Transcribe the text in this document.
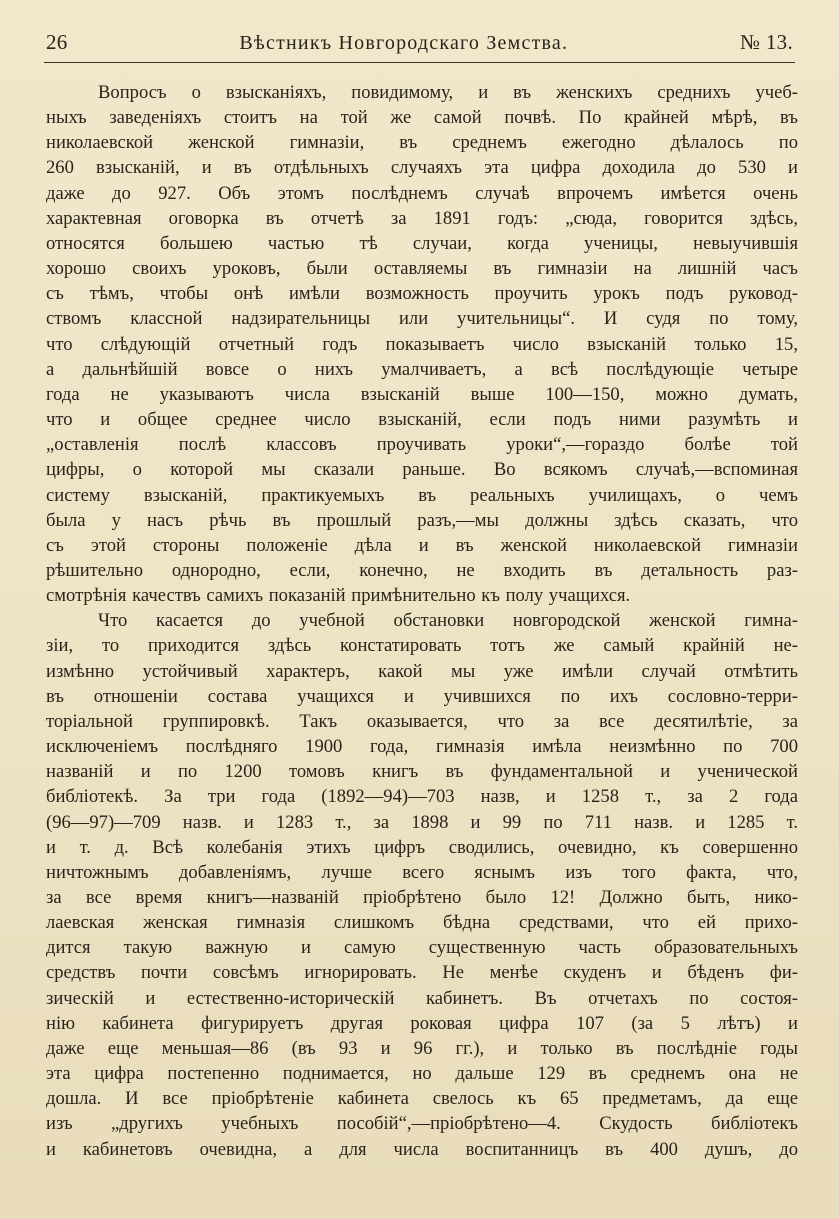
26	Вѣстникъ Новгородскаго Земства.	№ 13.
Вопросъ о взысканіяхъ, повидимому, и въ женскихъ среднихъ учеб-
ныхъ заведеніяхъ стоитъ на той же самой почвѣ. По крайней мѣрѣ, въ
николаевской женской гимназіи, въ среднемъ ежегодно дѣлалось по
260 взысканій, и въ отдѣльныхъ случаяхъ эта цифра доходила до 530 и
даже до 927. Объ этомъ послѣднемъ случаѣ впрочемъ имѣется очень
характевная оговорка въ отчетѣ за 1891 годъ: „сюда, говорится здѣсь,
относятся большею частью тѣ случаи, когда ученицы, невыучившія
хорошо своихъ уроковъ, были оставляемы въ гимназіи на лишній часъ
съ тѣмъ, чтобы онѣ имѣли возможность проучить урокъ подъ руковод-
ствомъ классной надзирательницы или учительницы“. И судя по тому,
что слѣдующій отчетный годъ показываетъ число взысканій только 15,
а дальнѣйшій вовсе о нихъ умалчиваетъ, а всѣ послѣдующіе четыре
года не указываютъ числа взысканій выше 100—150, можно думать,
что и общее среднее число взысканій, если подъ ними разумѣть и
„оставленія послѣ классовъ проучивать уроки“,—гораздо болѣе той
цифры, о которой мы сказали раньше. Во всякомъ случаѣ,—вспоминая
систему взысканій, практикуемыхъ въ реальныхъ училищахъ, о чемъ
была у насъ рѣчь въ прошлый разъ,—мы должны здѣсь сказать, что
съ этой стороны положеніе дѣла и въ женской николаевской гимназіи
рѣшительно однородно, если, конечно, не входить въ детальность раз-
смотрѣнія качествъ самихъ показаній примѣнительно къ полу учащихся.
Что касается до учебной обстановки новгородской женской гимна-
зіи, то приходится здѣсь констатировать тотъ же самый крайній не-
измѣнно устойчивый характеръ, какой мы уже имѣли случай отмѣтить
въ отношеніи состава учащихся и учившихся по ихъ сословно-терри-
торіальной группировкѣ. Такъ оказывается, что за все десятилѣтіе, за
исключеніемъ послѣдняго 1900 года, гимназія имѣла неизмѣнно по 700
названій и по 1200 томовъ книгъ въ фундаментальной и ученической
библіотекѣ. За три года (1892—94)—703 назв, и 1258 т., за 2 года
(96—97)—709 назв. и 1283 т., за 1898 и 99 по 711 назв. и 1285 т.
и т. д. Всѣ колебанія этихъ цифръ сводились, очевидно, къ совершенно
ничтожнымъ добавленіямъ, лучше всего яснымъ изъ того факта, что,
за все время книгъ—названій пріобрѣтено было 12! Должно быть, нико-
лаевская женская гимназія слишкомъ бѣдна средствами, что ей прихо-
дится такую важную и самую существенную часть образовательныхъ
средствъ почти совсѣмъ игнорировать. Не менѣе скуденъ и бѣденъ фи-
зическій и естественно-историческій кабинетъ. Въ отчетахъ по состоя-
нію кабинета фигурируетъ другая роковая цифра 107 (за 5 лѣтъ) и
даже еще меньшая—86 (въ 93 и 96 гг.), и только въ послѣдніе годы
эта цифра постепенно поднимается, но дальше 129 въ среднемъ она не
дошла. И все пріобрѣтеніе кабинета свелось къ 65 предметамъ, да еще
изъ „другихъ учебныхъ пособій“,—пріобрѣтено—4. Скудость библіотекъ
и кабинетовъ очевидна, а для числа воспитанницъ въ 400 душъ, до
